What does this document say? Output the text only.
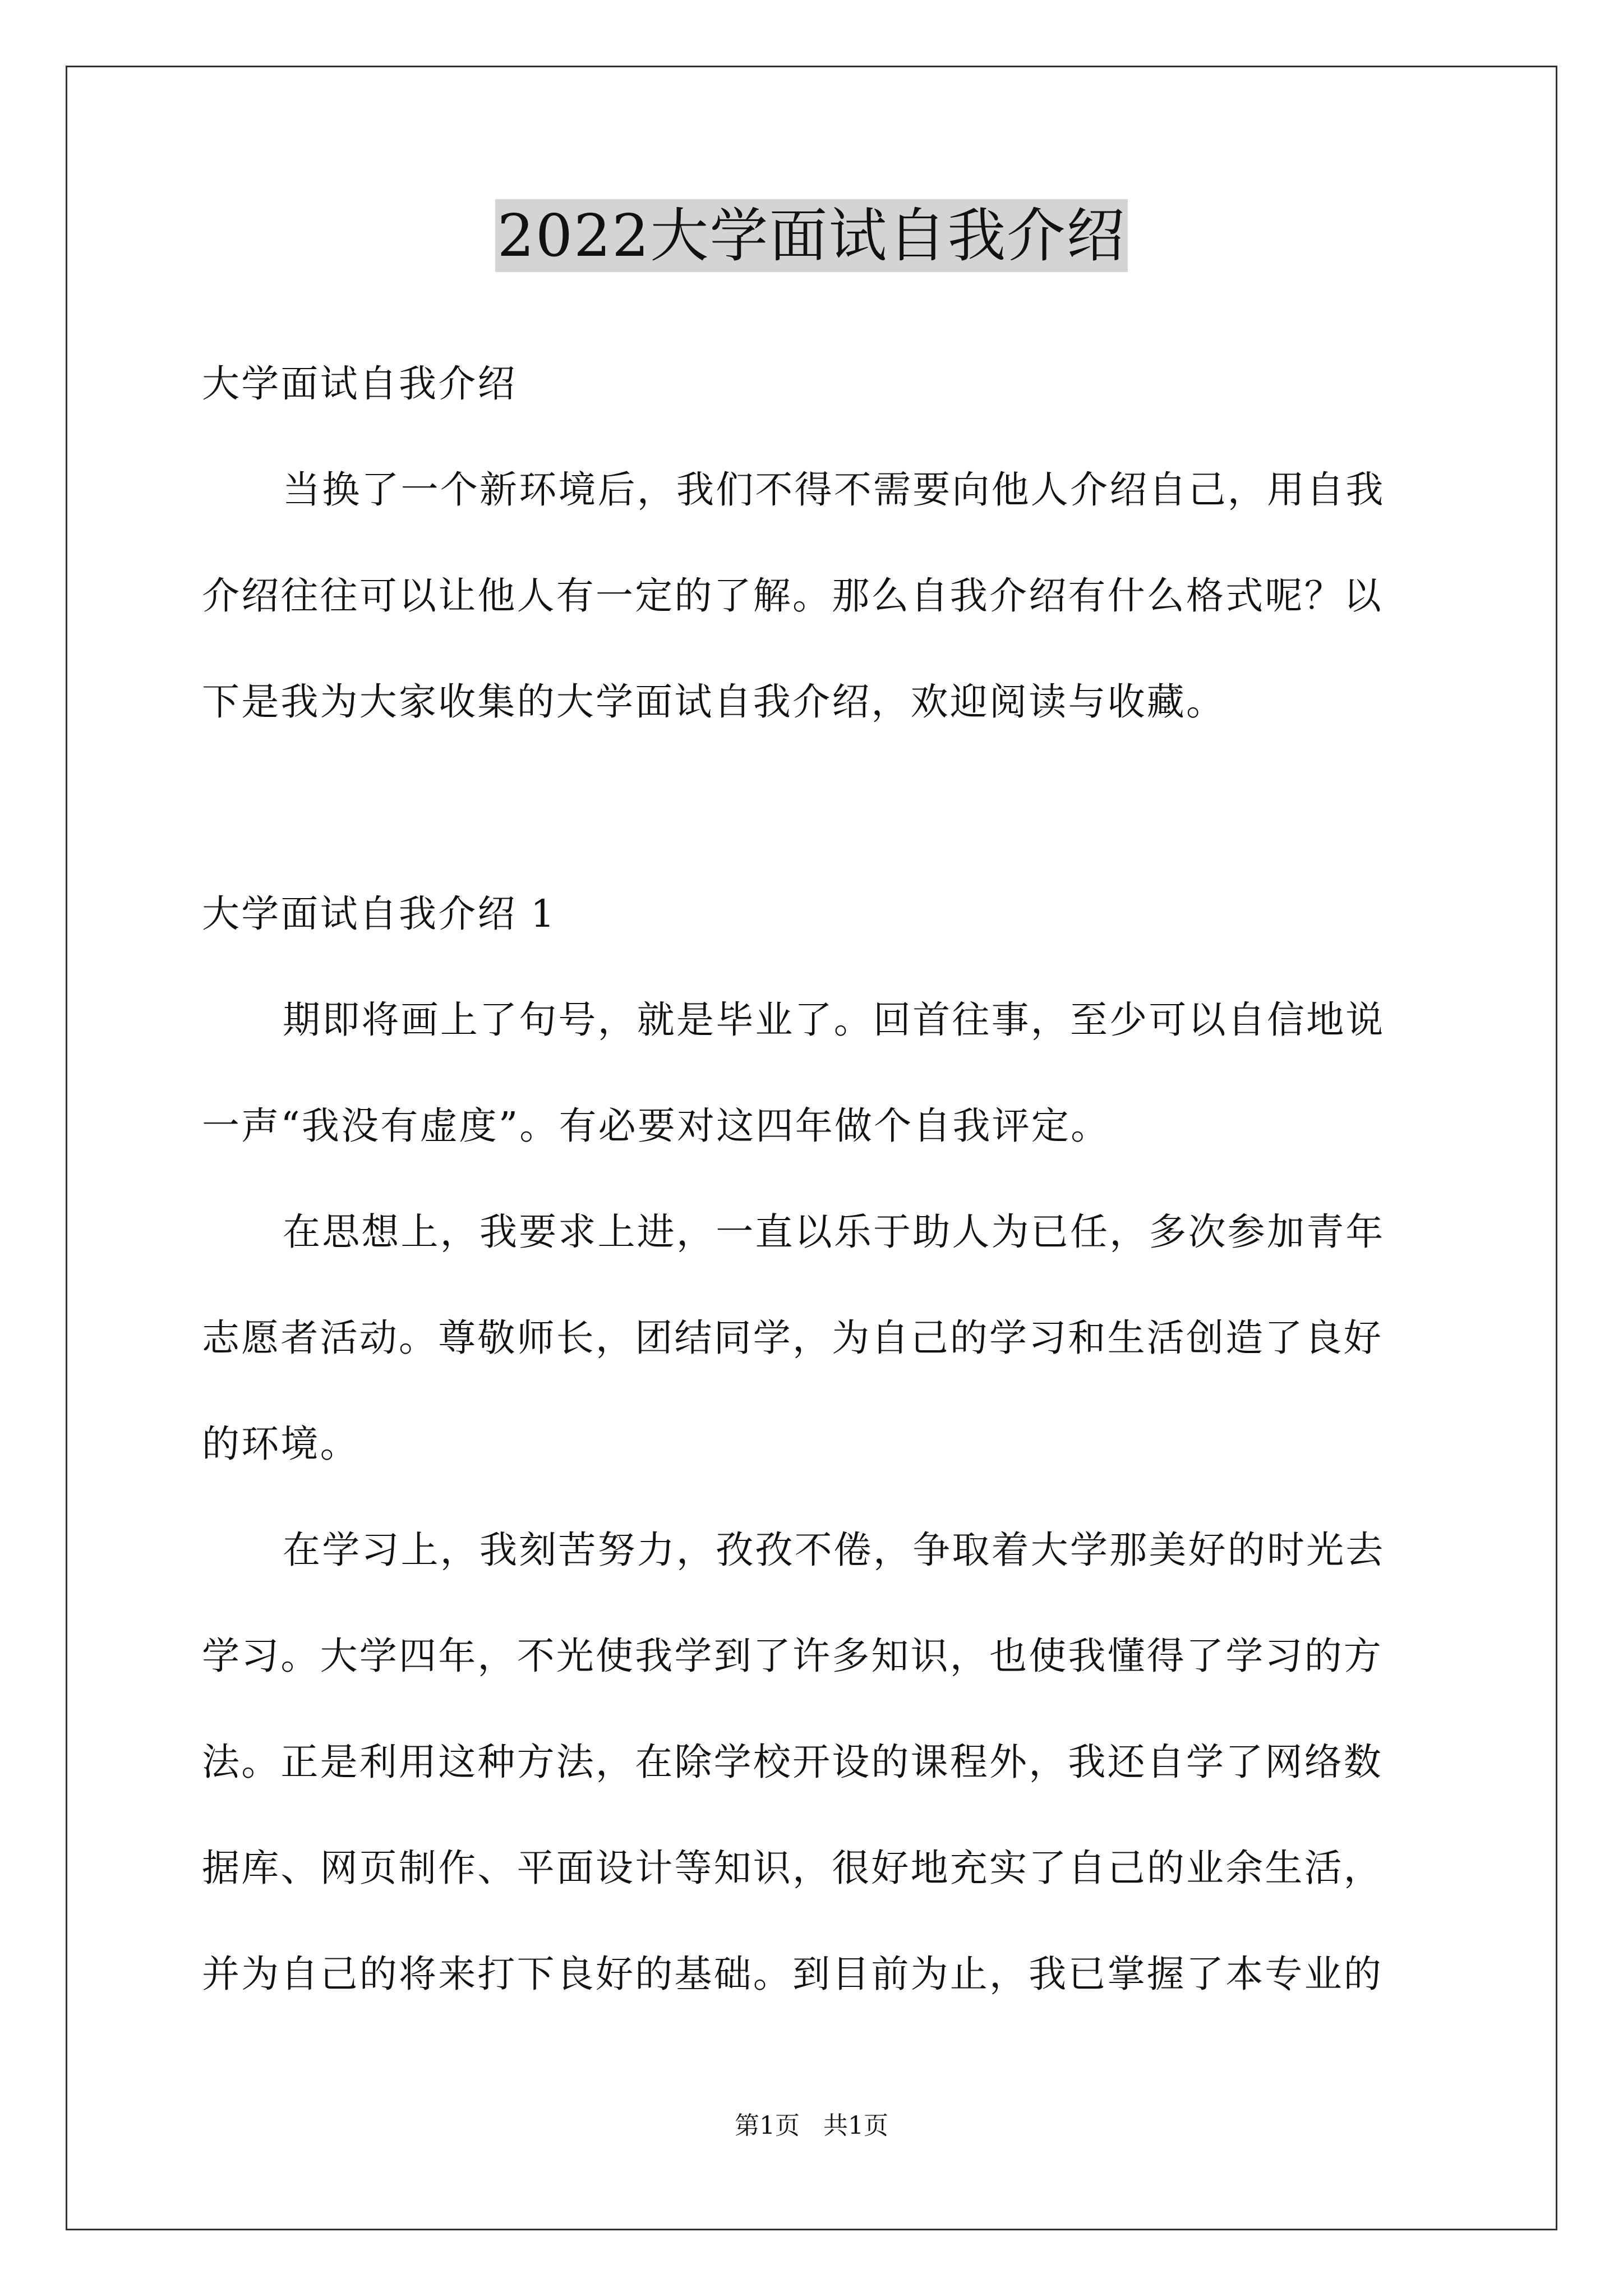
2022大学面试自我介绍

大学面试自我介绍

当换了一个新环境后，我们不得不需要向他人介绍自己，用自我

介绍往往可以让他人有一定的了解。那么自我介绍有什么格式呢？以

下是我为大家收集的大学面试自我介绍，欢迎阅读与收藏。

大学面试自我介绍 1

期即将画上了句号，就是毕业了。回首往事，至少可以自信地说

一声“我没有虚度”。有必要对这四年做个自我评定。

在思想上，我要求上进，一直以乐于助人为已任，多次参加青年

志愿者活动。尊敬师长，团结同学，为自己的学习和生活创造了良好

的环境。

在学习上，我刻苦努力，孜孜不倦，争取着大学那美好的时光去

学习。大学四年，不光使我学到了许多知识，也使我懂得了学习的方

法。正是利用这种方法，在除学校开设的课程外，我还自学了网络数

据库、网页制作、平面设计等知识，很好地充实了自己的业余生活，

并为自己的将来打下良好的基础。到目前为止，我已掌握了本专业的

第1页   共1页
